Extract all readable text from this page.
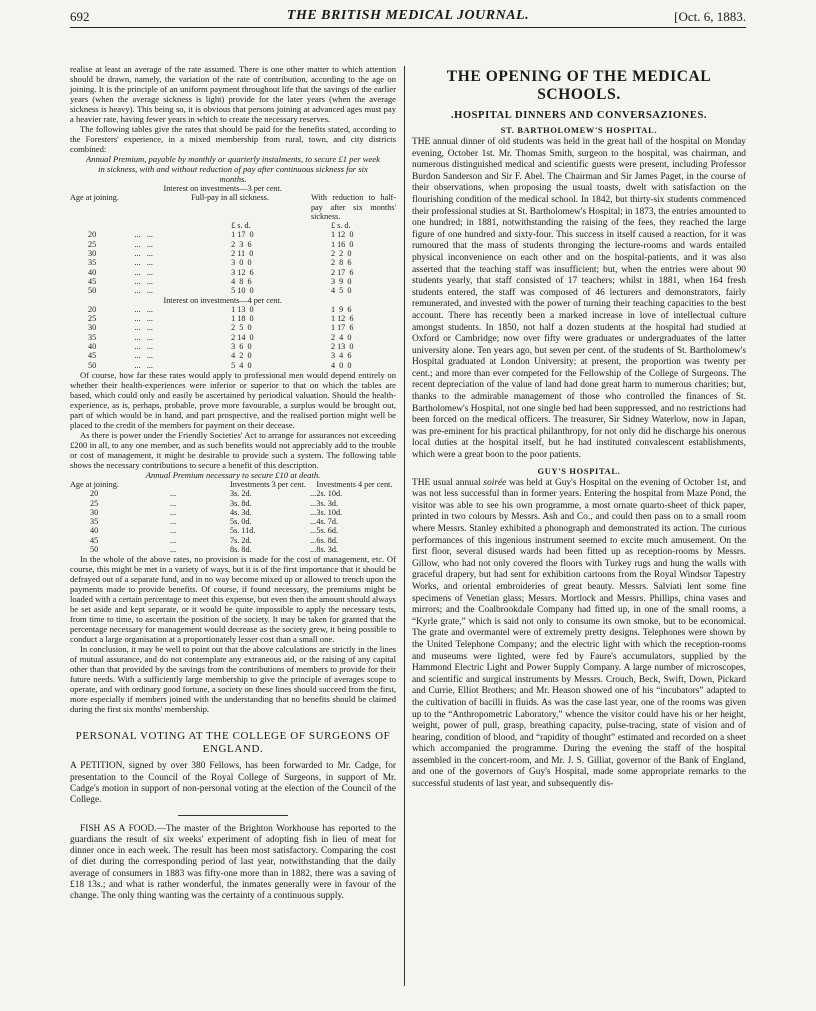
692	THE BRITISH MEDICAL JOURNAL.	[Oct. 6, 1883.

realise at least an average of the rate assumed. There is one other matter to which attention should be drawn, namely, the variation of the rate of contribution, according to the age on joining. It is the principle of an uniform payment throughout life that the savings of the earlier years (when the average sickness is light) provide for the later years (when the average sickness is heavy). This being so, it is obvious that persons joining at advanced ages must pay a heavier rate, having fewer years in which to create the necessary reserves.

The following tables give the rates that should be paid for the benefits stated, according to the Foresters' experience, in a mixed membership from rural, town, and city districts combined:

Annual Premium, payable by monthly or quarterly instalments, to secure £1 per week in sickness, with and without reduction of pay after continuous sickness for six months.

	Interest on investments—3 per cent.		
Age at joining.		Full-pay in all sickness.	With reduction to half-pay after six months' sickness.
		£ s. d.	£ s. d.
20	...   ...	1 17  0	1 12  0
25	...   ...	2  3  6	1 16  0
30	...   ...	2 11  0	2  2  0
35	...   ...	3  0  0	2  8  6
40	...   ...	3 12  6	2 17  6
45	...   ...	4  8  6	3  9  0
50	...   ...	5 10  0	4  5  0
	Interest on investments—4 per cent.		
20	...   ...	1 13  0	1  9  6
25	...   ...	1 18  0	1 12  6
30	...   ...	2  5  0	1 17  6
35	...   ...	2 14  0	2  4  0
40	...   ...	3  6  0	2 13  0
45	...   ...	4  2  0	3  4  6
50	...   ...	5  4  0	4  0  0

Of course, how far these rates would apply to professional men would depend entirely on whether their health-experiences were inferior or superior to that on which the tables are based, which could only and easily be ascertained by periodical valuation. Should the health-experience, as is, perhaps, probable, prove more favourable, a surplus would be brought out, part of which would be in hand, and part prospective, and the realised portion might well be placed to the credit of the members for payment on their decease.

As there is power under the Friendly Societies' Act to arrange for assurances not exceeding £200 in all, to any one member, and as such benefits would not appreciably add to the trouble or cost of management, it might be desirable to provide such a system. The following table shows the necessary contributions to secure a benefit of this description.

Annual Premium necessary to secure £10 at death.

Age at joining.		Investments 3 per cent.		Investments 4 per cent.
20	...	3s. 2d.	...	2s. 10d.
25	...	3s. 8d.	...	3s. 3d.
30	...	4s. 3d.	...	3s. 10d.
35	...	5s. 0d.	...	4s. 7d.
40	...	5s. 11d.	...	5s. 6d.
45	...	7s. 2d.	...	6s. 8d.
50	...	8s. 8d.	...	8s. 3d.

In the whole of the above rates, no provision is made for the cost of management, etc. Of course, this might be met in a variety of ways, but it is of the first importance that it should be defrayed out of a separate fund, and in no way become mixed up or allowed to trench upon the payments made to provide benefits. Of course, if found necessary, the premiums might be loaded with a certain percentage to meet this expense, but even then the amount should always be set aside and kept separate, or it would be quite impossible to apply the necessary tests, from time to time, to ascertain the position of the society. It may be taken for granted that the percentage necessary for management would decrease as the society grew, it being possible to conduct a large organisation at a proportionately lesser cost than a small one.

In conclusion, it may be well to point out that the above calculations are strictly in the lines of mutual assurance, and do not contemplate any extraneous aid, or the raising of any capital other than that provided by the savings from the contributions of members to provide for their future needs. With a sufficiently large membership to give the principle of averages scope to operate, and with ordinary good fortune, a society on these lines should succeed from the first, more especially if members joined with the understanding that no benefits should be claimed during the first six months' membership.

PERSONAL VOTING AT THE COLLEGE OF SURGEONS OF ENGLAND.

A PETITION, signed by over 380 Fellows, has been forwarded to Mr. Cadge, for presentation to the Council of the Royal College of Surgeons, in support of Mr. Cadge's motion in support of non-personal voting at the election of the Council of the College.

FISH AS A FOOD.—The master of the Brighton Workhouse has reported to the guardians the result of six weeks' experiment of adopting fish in lieu of meat for dinner once in each week. The result has been most satisfactory. Comparing the cost of diet during the corresponding period of last year, notwithstanding that the daily average of consumers in 1883 was fifty-one more than in 1882, there was a saving of £18 13s.; and what is rather wonderful, the inmates generally were in favour of the change. The only thing wanting was the certainty of a continuous supply.

THE OPENING OF THE MEDICAL SCHOOLS.
.HOSPITAL DINNERS AND CONVERSAZIONES.
ST. BARTHOLOMEW'S HOSPITAL.

THE annual dinner of old students was held in the great hall of the hospital on Monday evening, October 1st. Mr. Thomas Smith, surgeon to the hospital, was chairman, and numerous distinguished medical and scientific guests were present, including Professor Burdon Sanderson and Sir F. Abel. The Chairman and Sir James Paget, in the course of their observations, when proposing the usual toasts, dwelt with satisfaction on the flourishing condition of the medical school. In 1842, but thirty-six students commenced their professional studies at St. Bartholomew's Hospital; in 1873, the entries amounted to one hundred; in 1881, notwithstanding the raising of the fees, they reached the large figure of one hundred and sixty-four. This success in itself caused a reaction, for it was rumoured that the mass of students thronging the lecture-rooms and wards entailed physical inconvenience on each other and on the hospital-patients, and it was also asserted that the teaching staff was insufficient; but, when the entries were about 90 students yearly, that staff consisted of 17 teachers; whilst in 1881, when 164 fresh students entered, the staff was composed of 46 lecturers and demonstrators, fairly remunerated, and invested with the power of turning their teaching capacities to the best account. There has recently been a marked increase in love of intellectual culture amongst students. In 1850, not half a dozen students at the hospital had studied at Oxford or Cambridge; now over fifty were graduates or undergraduates of the latter university alone. Ten years ago, but seven per cent. of the students of St. Bartholomew's Hospital graduated at London University; at present, the proportion was twenty per cent.; and more than ever competed for the Fellowship of the College of Surgeons. The recent depreciation of the value of land had done great harm to numerous charities; but, thanks to the admirable management of those who controlled the finances of St. Bartholomew's Hospital, not one single bed had been suppressed, and no restrictions had been forced on the medical officers. The treasurer, Sir Sidney Waterlow, now in Japan, was pre-eminent for his practical philanthropy, for not only did he discharge his onerous local duties at the hospital itself, but he had instituted convalescent establishments, which were a great boon to the poor patients.

GUY'S HOSPITAL.

THE usual annual soirée was held at Guy's Hospital on the evening of October 1st, and was not less successful than in former years. Entering the hospital from Maze Pond, the visitor was able to see his own programme, a most ornate quarto-sheet of thick paper, printed in two colours by Messrs. Ash and Co., and could then pass on to a small room where Messrs. Stanley exhibited a phonograph and demonstrated its action. The curious performances of this ingenious instrument seemed to excite much amusement. On the first floor, several disused wards had been fitted up as reception-rooms by Messrs. Gillow, who had not only covered the floors with Turkey rugs and hung the walls with graceful drapery, but had sent for exhibition cartoons from the Royal Windsor Tapestry Works, and oriental embroideries of great beauty. Messrs. Salviati lent some fine specimens of Venetian glass; Messrs. Mortlock and Messrs. Phillips, china vases and mirrors; and the Coalbrookdale Company had fitted up, in one of the small rooms, a “Kyrle grate,” which is said not only to consume its own smoke, but to be economical. The grate and overmantel were of extremely pretty designs. Telephones were shown by the United Telephone Company; and the electric light with which the reception-rooms and museums were lighted, were fed by Faure's accumulators, supplied by the Hammond Electric Light and Power Supply Company. A large number of microscopes, and scientific and surgical instruments by Messrs. Crouch, Beck, Swift, Down, Pickard and Currie, Elliot Brothers; and Mr. Heason showed one of his “incubators” adapted to the cultivation of bacilli in fluids. As was the case last year, one of the rooms was given up to the “Anthropometric Laboratory,” whence the visitor could have his or her height, weight, power of pull, grasp, breathing capacity, pulse-tracing, state of vision and of hearing, condition of blood, and “rapidity of thought” estimated and recorded on a sheet which accompanied the programme. During the evening the staff of the hospital assembled in the concert-room, and Mr. J. S. Gilliat, governor of the Bank of England, and one of the governors of Guy's Hospital, made some appropriate remarks to the successful students of last year, and subsequently dis-
